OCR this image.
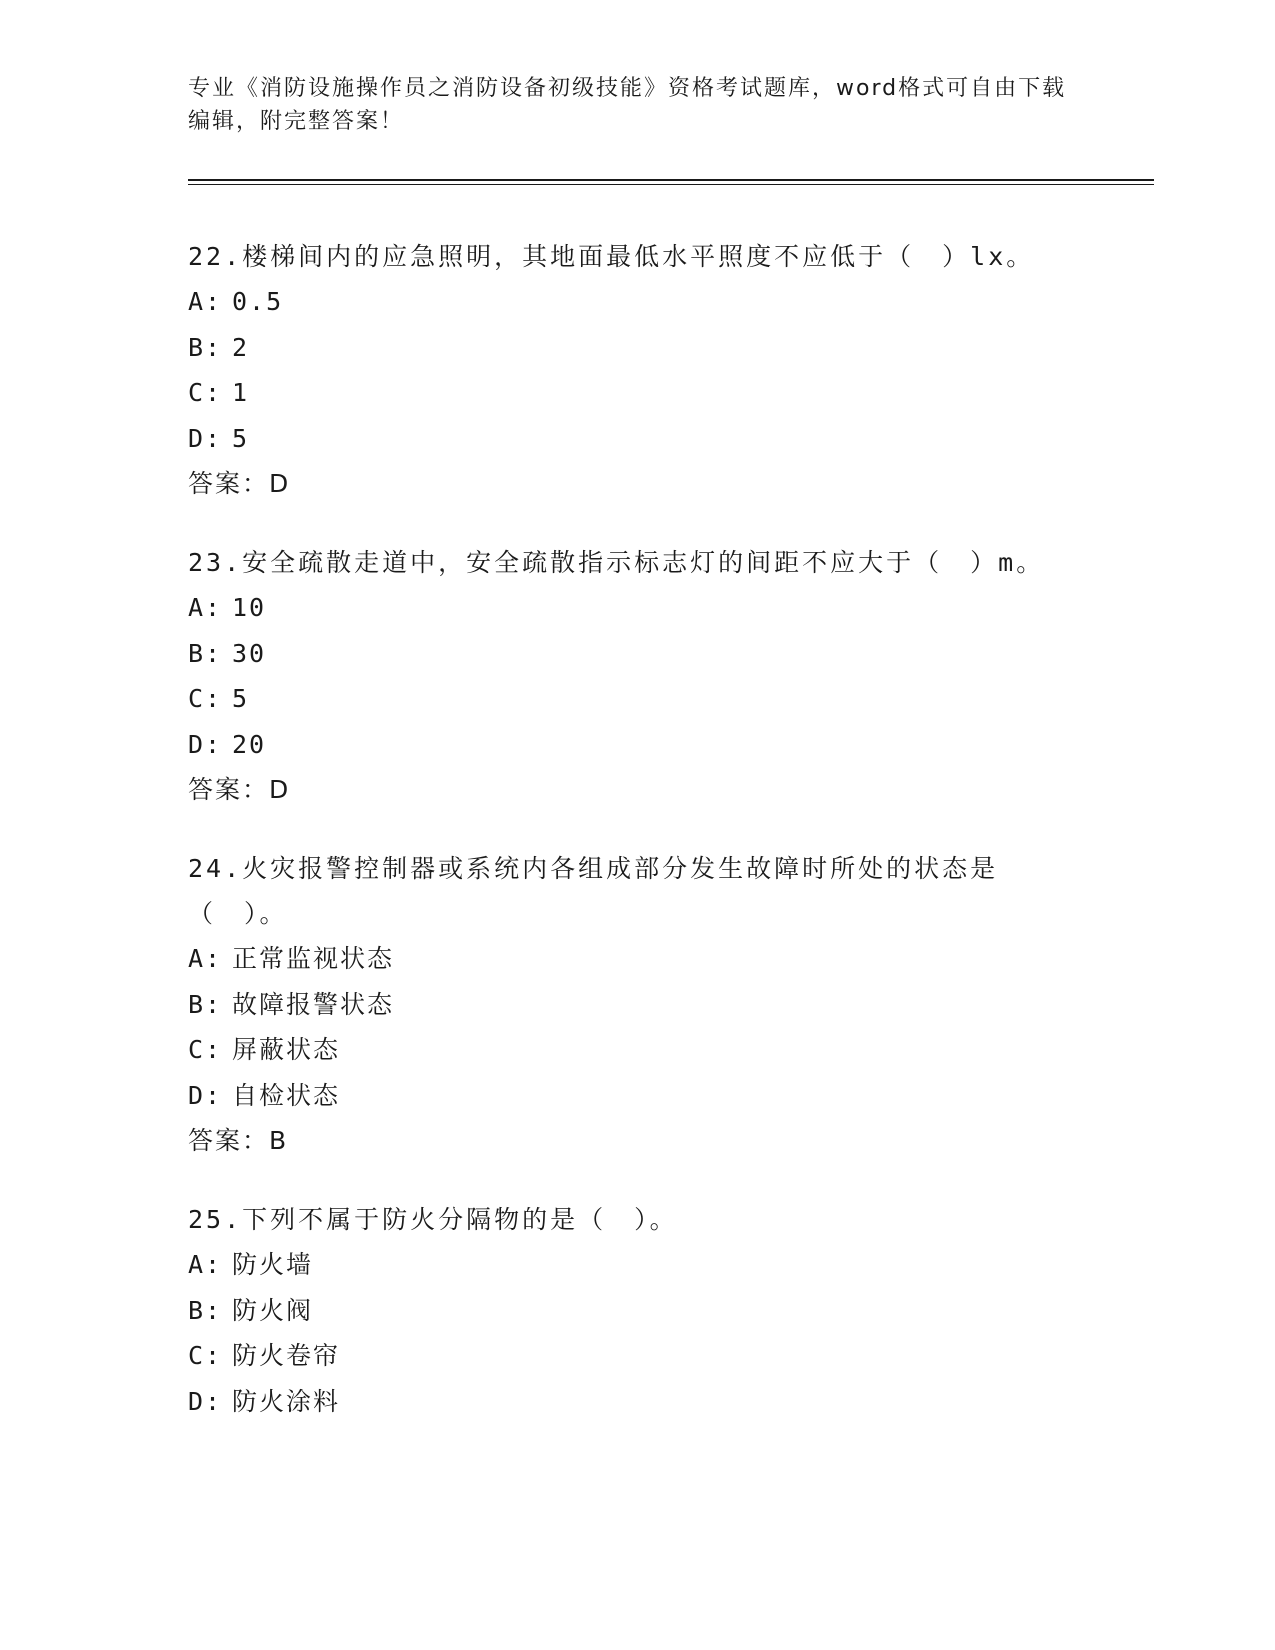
专业《消防设施操作员之消防设备初级技能》资格考试题库，word格式可自由下载编辑，附完整答案！

22.楼梯间内的应急照明，其地面最低水平照度不应低于（　）lx。

A: 0.5

B: 2

C: 1

D: 5

答案：D

23.安全疏散走道中，安全疏散指示标志灯的间距不应大于（　）m。

A: 10

B: 30

C: 5

D: 20

答案：D

24.火灾报警控制器或系统内各组成部分发生故障时所处的状态是（　）。

A: 正常监视状态

B: 故障报警状态

C: 屏蔽状态

D: 自检状态

答案：B

25.下列不属于防火分隔物的是（　）。

A: 防火墙

B: 防火阀

C: 防火卷帘

D: 防火涂料
